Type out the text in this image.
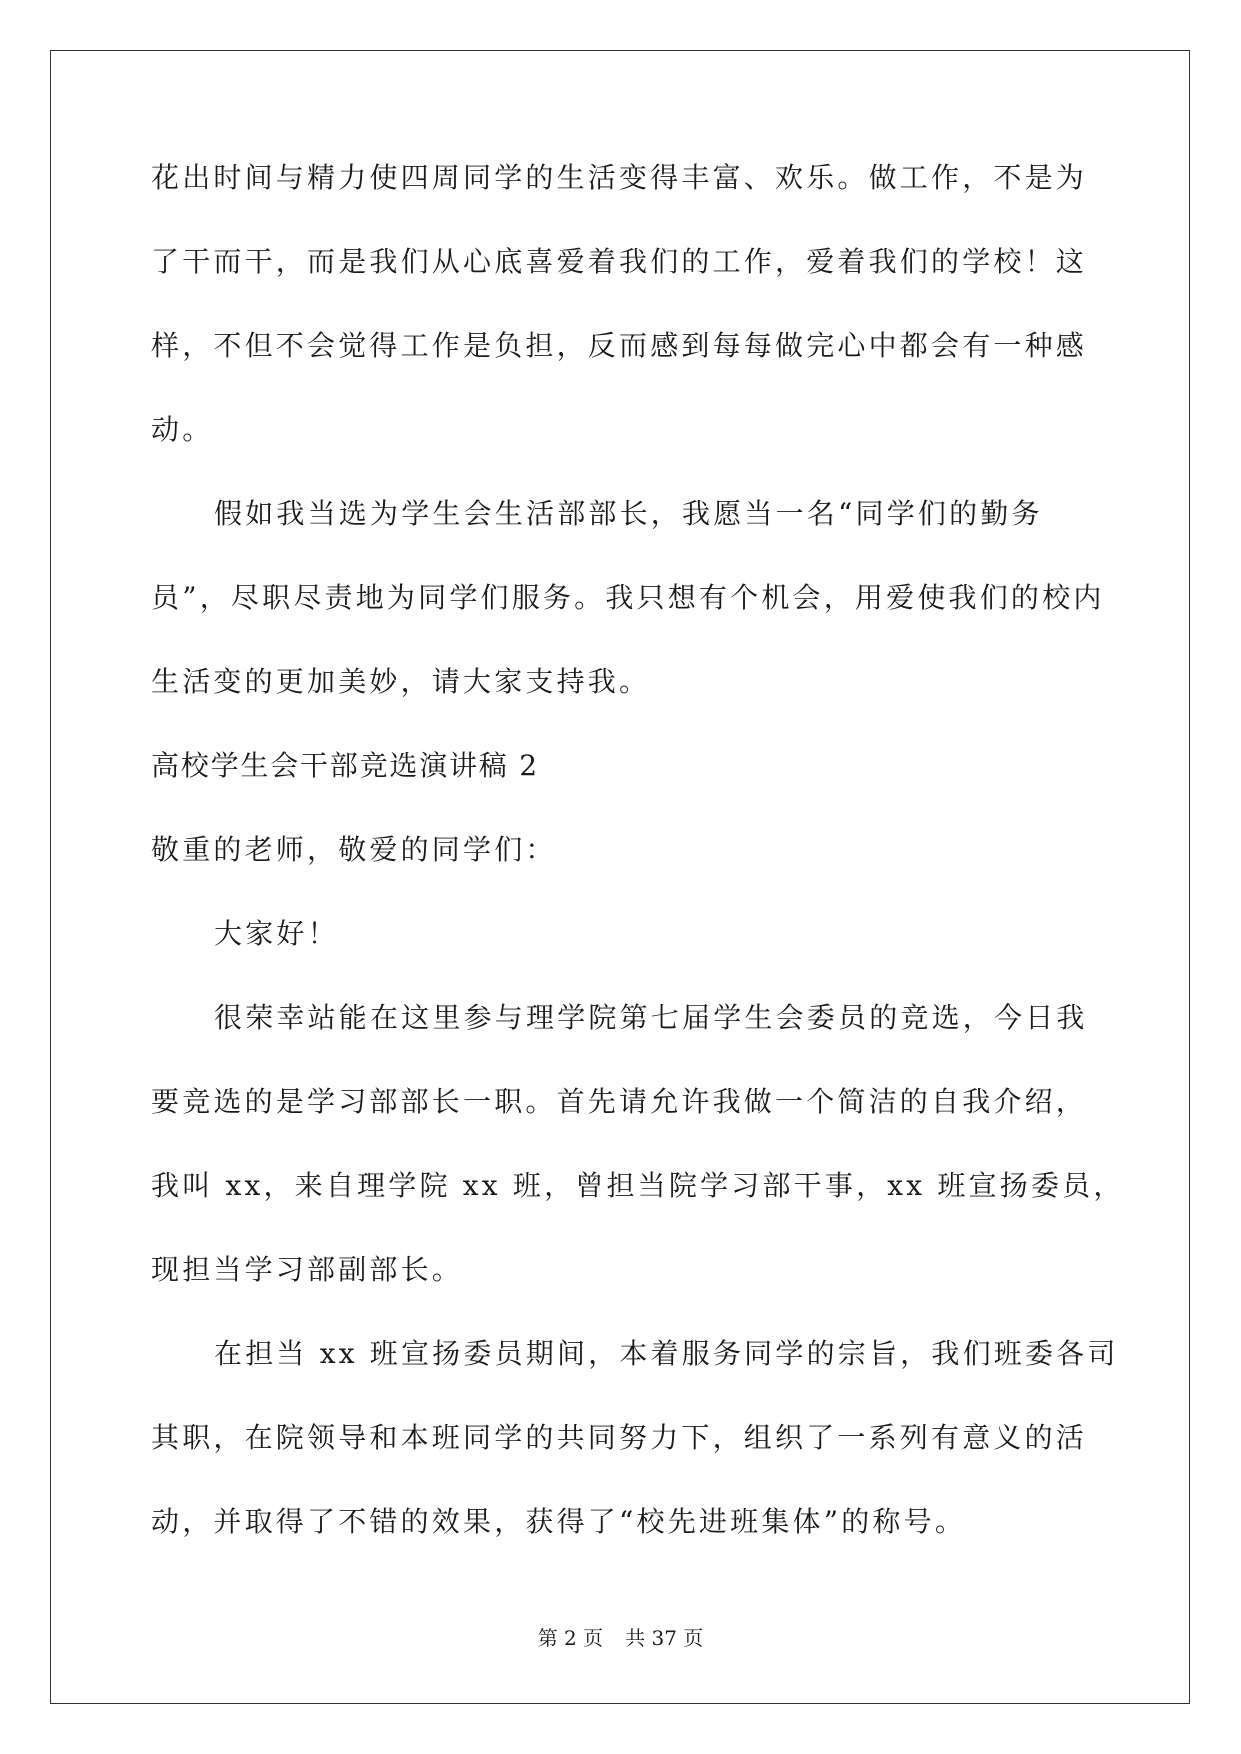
花出时间与精力使四周同学的生活变得丰富、欢乐。做工作，不是为
了干而干，而是我们从心底喜爱着我们的工作，爱着我们的学校！这
样，不但不会觉得工作是负担，反而感到每每做完心中都会有一种感
动。
假如我当选为学生会生活部部长，我愿当一名“同学们的勤务
员”，尽职尽责地为同学们服务。我只想有个机会，用爱使我们的校内
生活变的更加美妙，请大家支持我。
高校学生会干部竞选演讲稿 2
敬重的老师，敬爱的同学们：
大家好！
很荣幸站能在这里参与理学院第七届学生会委员的竞选，今日我
要竞选的是学习部部长一职。首先请允许我做一个简洁的自我介绍，
我叫 xx，来自理学院 xx 班，曾担当院学习部干事，xx 班宣扬委员，
现担当学习部副部长。
在担当 xx 班宣扬委员期间，本着服务同学的宗旨，我们班委各司
其职，在院领导和本班同学的共同努力下，组织了一系列有意义的活
动，并取得了不错的效果，获得了“校先进班集体”的称号。
第 2 页 共 37 页
